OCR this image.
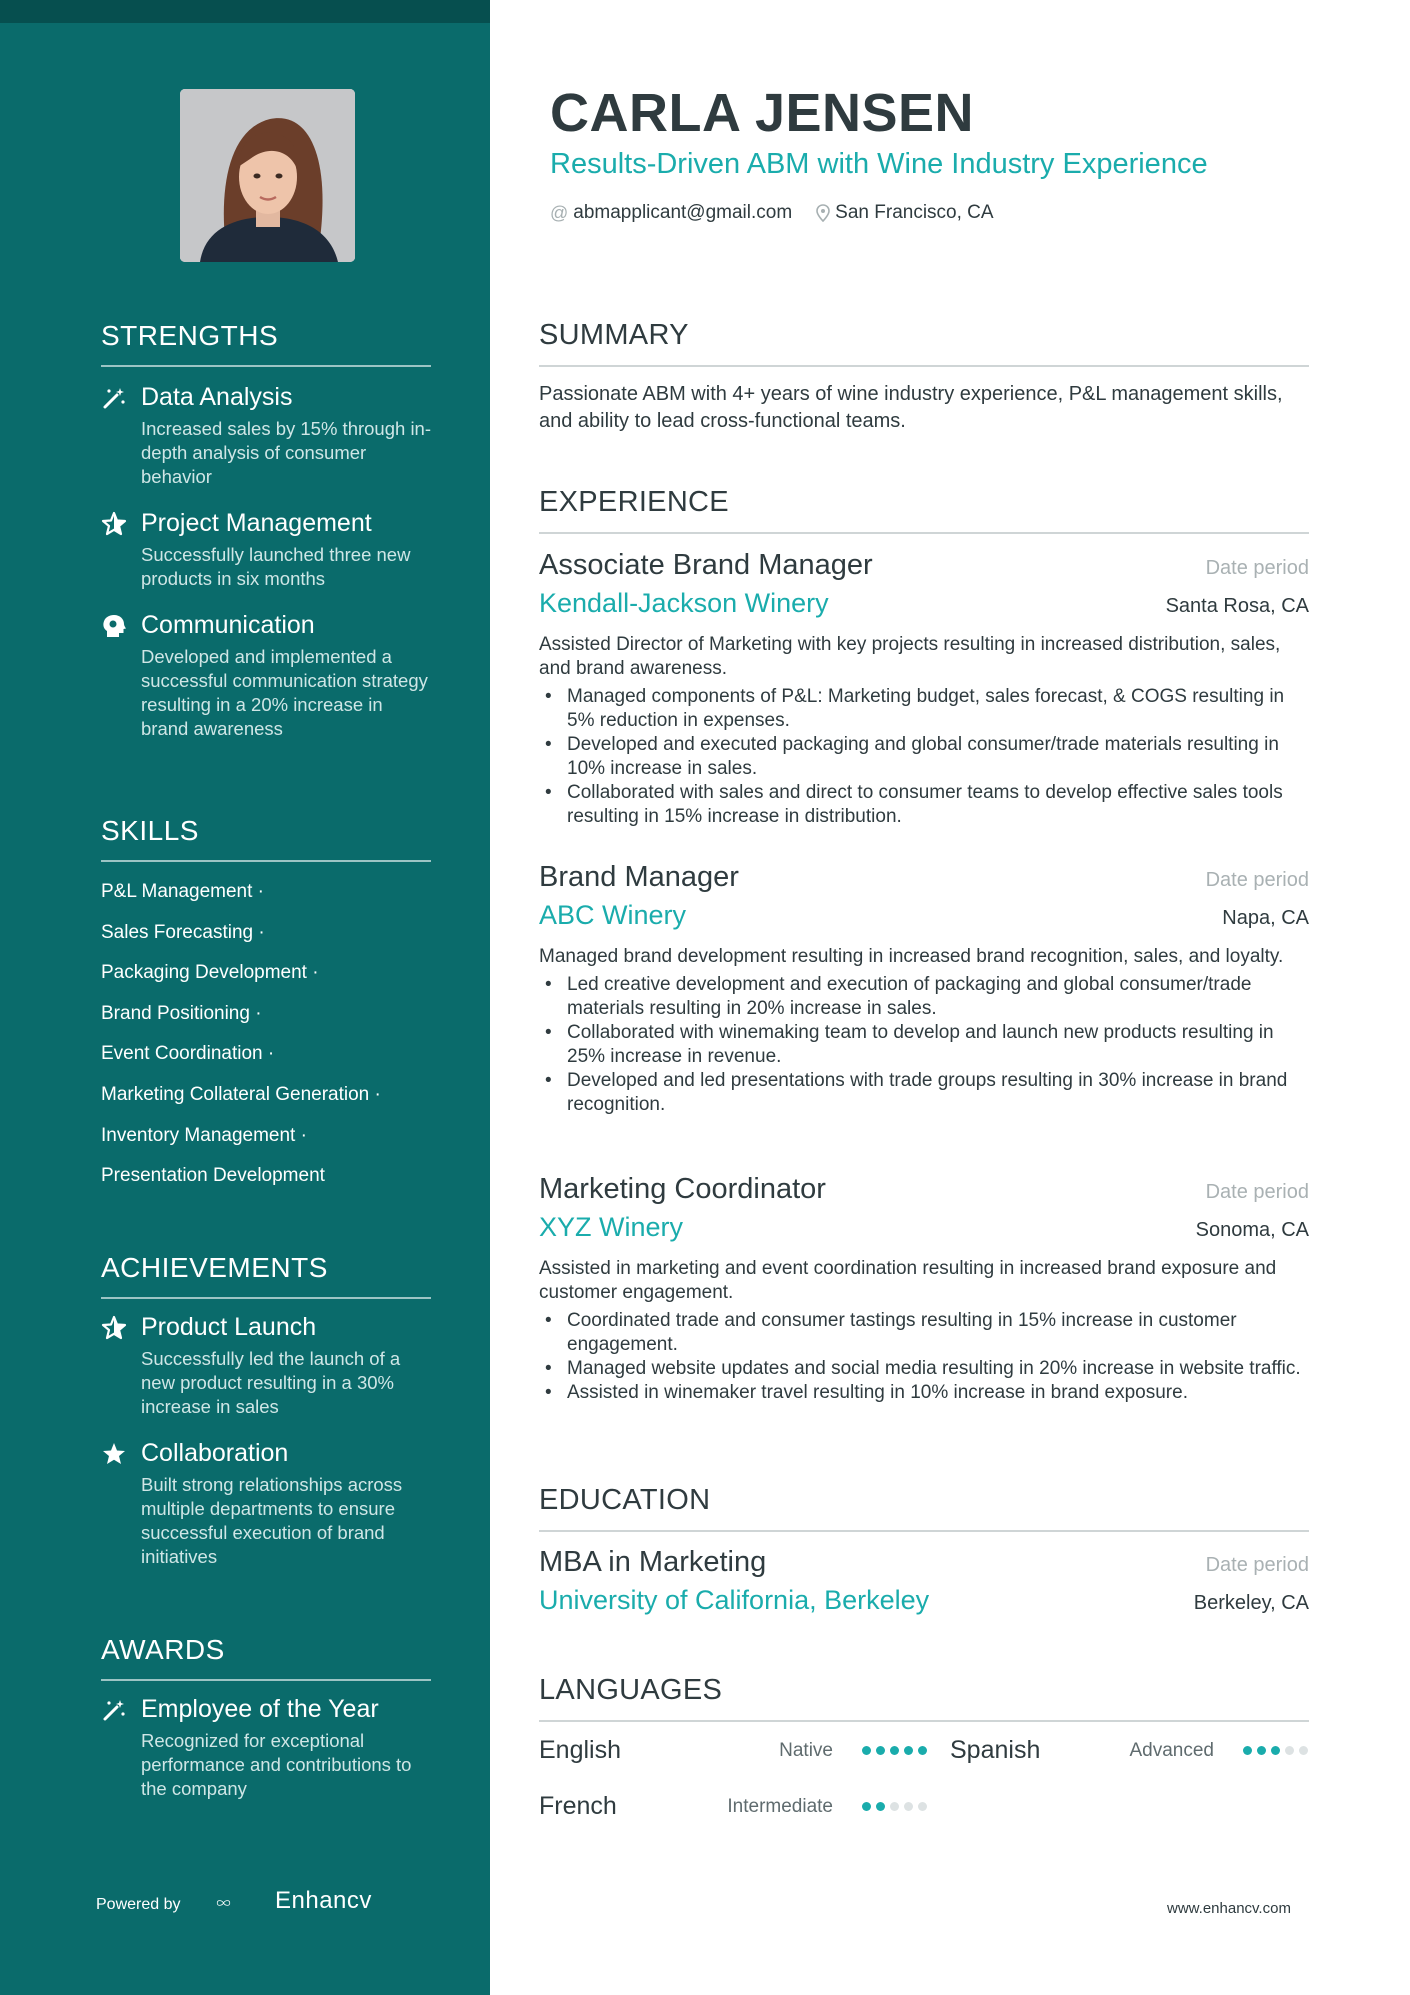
STRENGTHS
Data Analysis
Increased sales by 15% through in-depth analysis of consumer behavior
Project Management
Successfully launched three new products in six months
Communication
Developed and implemented a successful communication strategy resulting in a 20% increase in brand awareness
SKILLS
P&L Management ·
Sales Forecasting ·
Packaging Development ·
Brand Positioning ·
Event Coordination ·
Marketing Collateral Generation ·
Inventory Management ·
Presentation Development
ACHIEVEMENTS
Product Launch
Successfully led the launch of a new product resulting in a 30% increase in sales
Collaboration
Built strong relationships across multiple departments to ensure successful execution of brand initiatives
AWARDS
Employee of the Year
Recognized for exceptional performance and contributions to the company
Powered by	Enhancv
CARLA JENSEN
Results-Driven ABM with Wine Industry Experience
@ abmapplicant@gmail.com San Francisco, CA
SUMMARY
Passionate ABM with 4+ years of wine industry experience, P&L management skills, and ability to lead cross-functional teams.
EXPERIENCE
Associate Brand Manager	Date period
Kendall-Jackson Winery	Santa Rosa, CA
Assisted Director of Marketing with key projects resulting in increased distribution, sales, and brand awareness.
• Managed components of P&L: Marketing budget, sales forecast, & COGS resulting in 5% reduction in expenses.
• Developed and executed packaging and global consumer/trade materials resulting in 10% increase in sales.
• Collaborated with sales and direct to consumer teams to develop effective sales tools resulting in 15% increase in distribution.
Brand Manager	Date period
ABC Winery	Napa, CA
Managed brand development resulting in increased brand recognition, sales, and loyalty.
• Led creative development and execution of packaging and global consumer/trade materials resulting in 20% increase in sales.
• Collaborated with winemaking team to develop and launch new products resulting in 25% increase in revenue.
• Developed and led presentations with trade groups resulting in 30% increase in brand recognition.
Marketing Coordinator	Date period
XYZ Winery	Sonoma, CA
Assisted in marketing and event coordination resulting in increased brand exposure and customer engagement.
• Coordinated trade and consumer tastings resulting in 15% increase in customer engagement.
• Managed website updates and social media resulting in 20% increase in website traffic.
• Assisted in winemaker travel resulting in 10% increase in brand exposure.
EDUCATION
MBA in Marketing	Date period
University of California, Berkeley	Berkeley, CA
LANGUAGES
English	Native	Spanish	Advanced
French	Intermediate
www.enhancv.com
